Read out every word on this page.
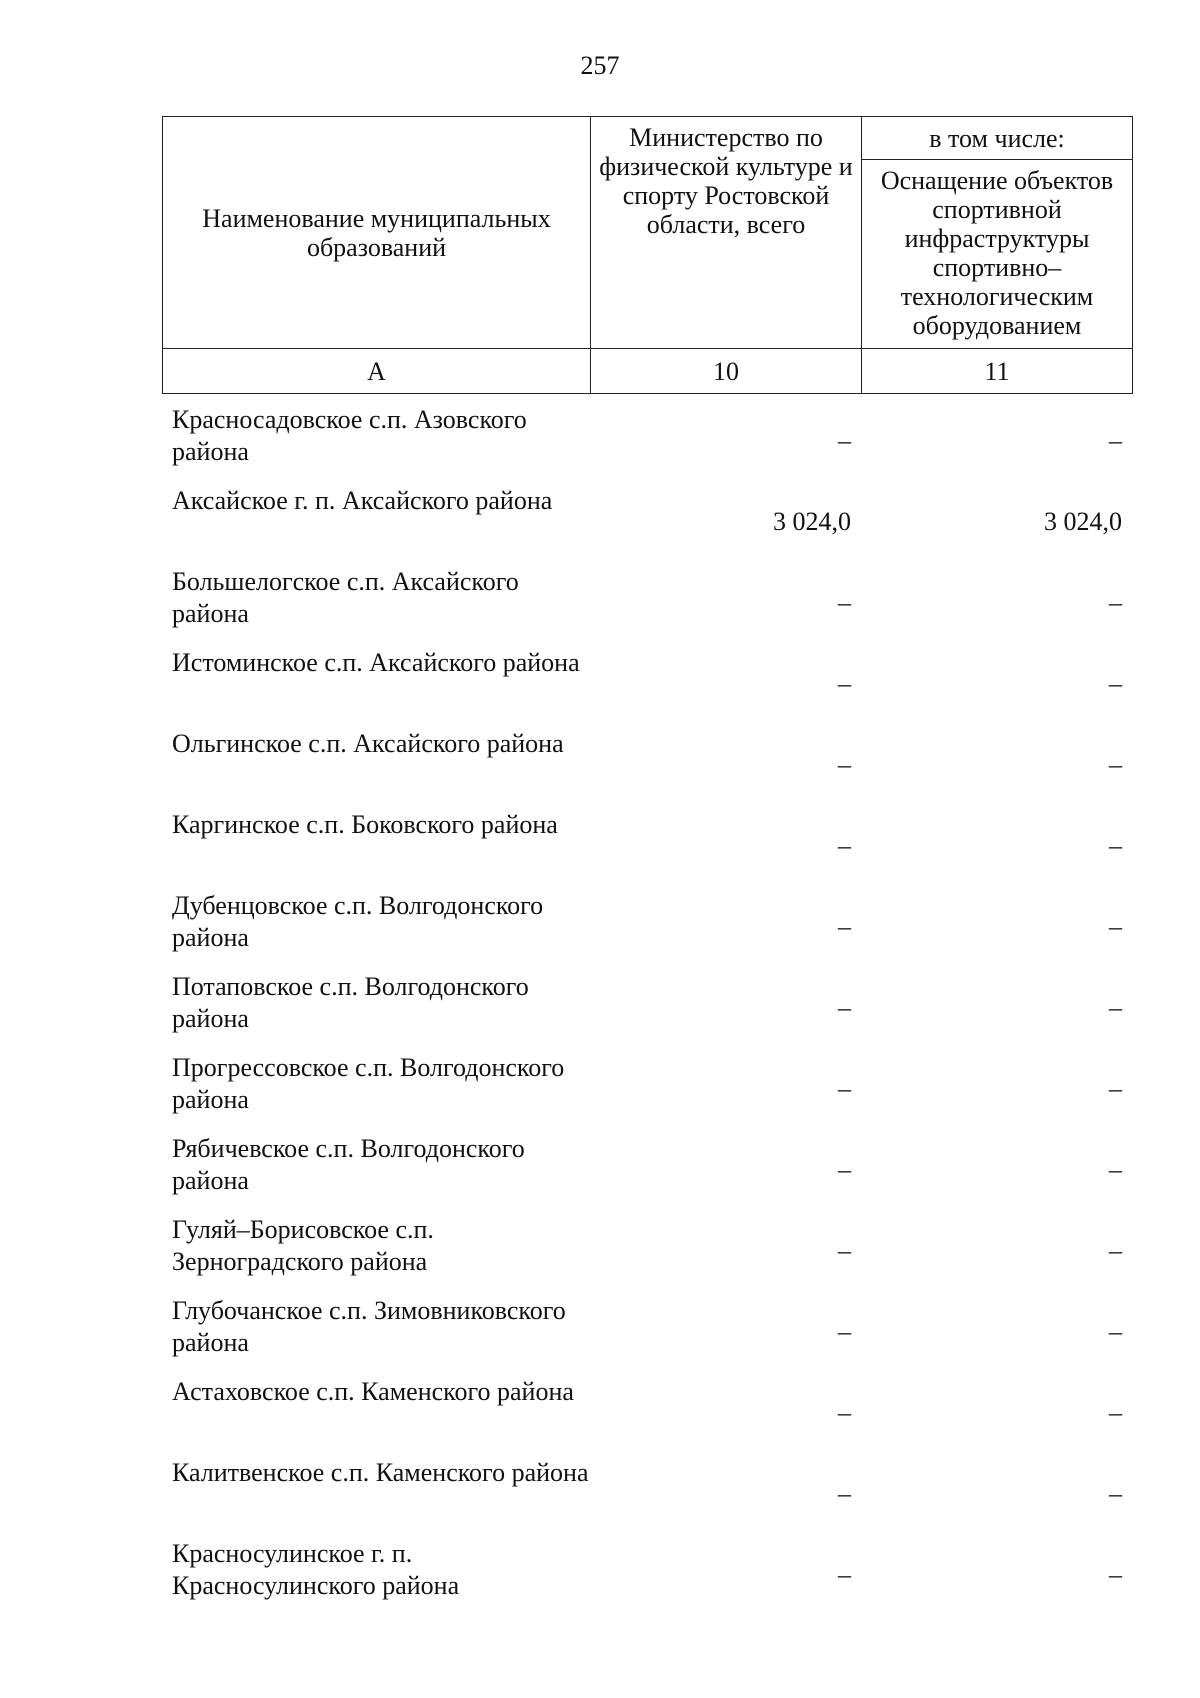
257
Наименование муниципальных образований	Министерство по физической культуре и спорту Ростовской области, всего	в том числе:
		Оснащение объектов спортивной инфраструктуры спортивно–технологическим оборудованием
А	10	11
Красносадовское с.п. Азовского района	–	–
Аксайское г. п. Аксайского района	3 024,0	3 024,0
Большелогское с.п. Аксайского района	–	–
Истоминское с.п. Аксайского района	–	–
Ольгинское с.п. Аксайского района	–	–
Каргинское с.п. Боковского района	–	–
Дубенцовское с.п. Волгодонского района	–	–
Потаповское с.п. Волгодонского района	–	–
Прогрессовское с.п. Волгодонского района	–	–
Рябичевское с.п. Волгодонского района	–	–
Гуляй–Борисовское с.п. Зерноградского района	–	–
Глубочанское с.п. Зимовниковского района	–	–
Астаховское с.п. Каменского района	–	–
Калитвенское с.п. Каменского района	–	–
Красносулинское г. п. Красносулинского района	–	–
